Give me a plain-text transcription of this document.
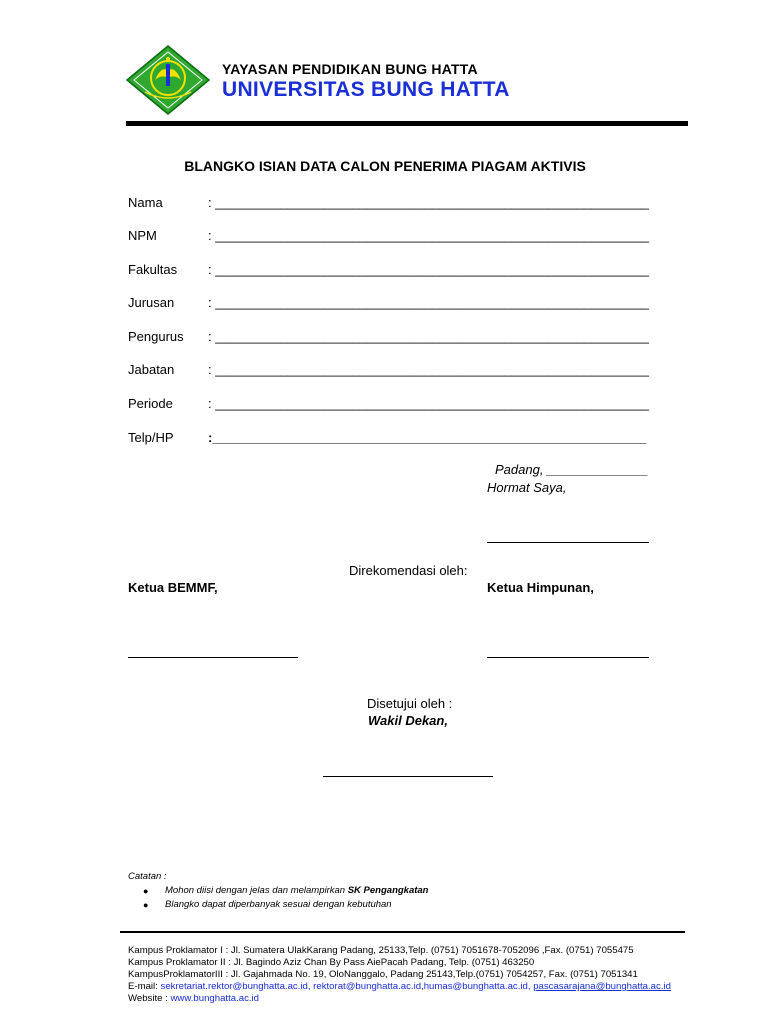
YAYASAN PENDIDIKAN BUNG HATTA
UNIVERSITAS BUNG HATTA
BLANGKO ISIAN DATA CALON PENERIMA PIAGAM AKTIVIS
Nama	: ____________________________________________________________
NPM	: ____________________________________________________________
Fakultas : ____________________________________________________________
Jurusan	: ____________________________________________________________
Pengurus : ____________________________________________________________
Jabatan	: ____________________________________________________________
Periode	: ____________________________________________________________
Telp/HP	:____________________________________________________________
Padang, ______________
Hormat Saya,
Direkomendasi oleh:
Ketua BEMMF,	Ketua Himpunan,
Disetujui oleh :
Wakil Dekan,
Catatan :
● Mohon diisi dengan jelas dan melampirkan SK Pengangkatan
● Blangko dapat diperbanyak sesuai dengan kebutuhan
Kampus Proklamator I : Jl. Sumatera UlakKarang Padang, 25133,Telp. (0751) 7051678-7052096 ,Fax. (0751) 7055475
Kampus Proklamator II : Jl. Bagindo Aziz Chan By Pass AiePacah Padang, Telp. (0751) 463250
KampusProklamatorIII : Jl. Gajahmada No. 19, OloNanggalo, Padang 25143,Telp.(0751) 7054257, Fax. (0751) 7051341
E-mail: sekretariat.rektor@bunghatta.ac.id, rektorat@bunghatta.ac.id,humas@bunghatta.ac.id, pascasarajana@bunghatta.ac.id
Website : www.bunghatta.ac.id
